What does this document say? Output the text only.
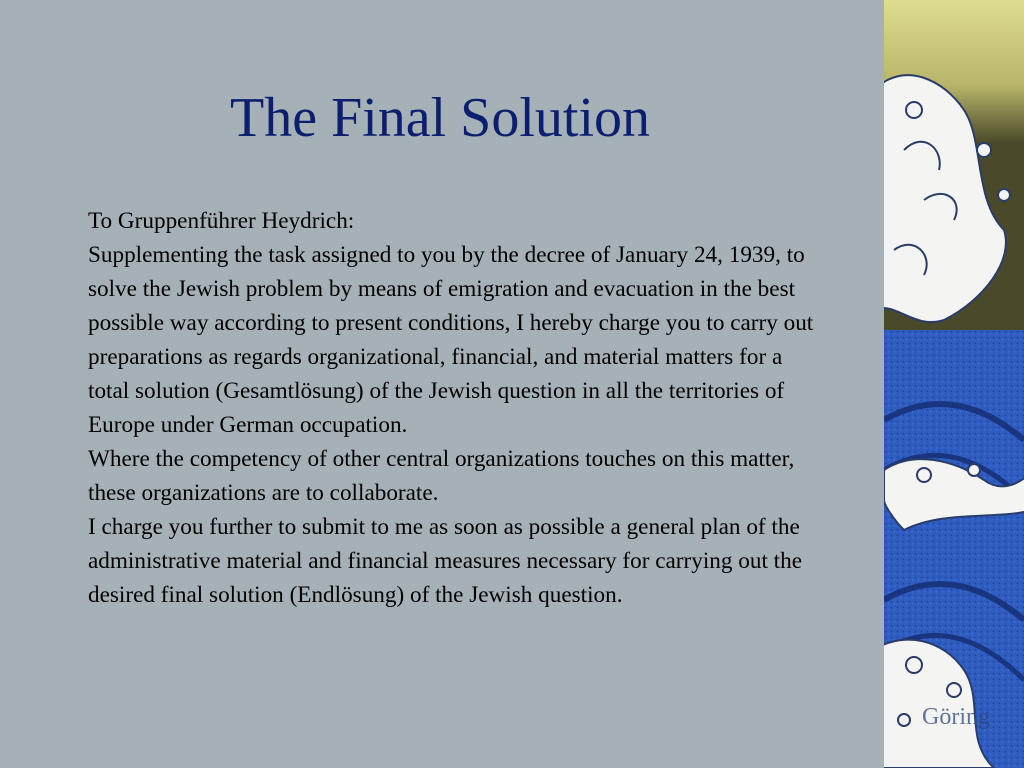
The Final Solution

To Gruppenführer Heydrich:

Supplementing the task assigned to you by the decree of January 24, 1939, to solve the Jewish problem by means of emigration and evacuation in the best possible way according to present conditions, I hereby charge you to carry out preparations as regards organizational, financial, and material matters for a total solution (Gesamtlösung) of the Jewish question in all the territories of Europe under German occupation.

Where the competency of other central organizations touches on this matter, these organizations are to collaborate.

I charge you further to submit to me as soon as possible a general plan of the administrative material and financial measures necessary for carrying out the desired final solution (Endlösung) of the Jewish question.

Göring
